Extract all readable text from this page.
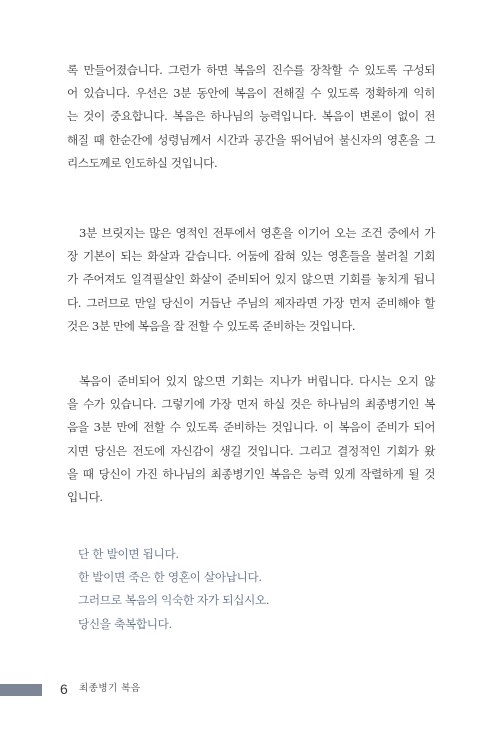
록 만들어졌습니다. 그런가 하면 복음의 진수를 장착할 수 있도록 구성되
어 있습니다. 우선은 3분 동안에 복음이 전해질 수 있도록 정확하게 익히
는 것이 중요합니다. 복음은 하나님의 능력입니다. 복음이 변론이 없이 전
해질 때 한순간에 성령님께서 시간과 공간을 뛰어넘어 불신자의 영혼을 그
리스도께로 인도하실 것입니다.
3분 브릿지는 많은 영적인 전투에서 영혼을 이기어 오는 조건 중에서 가
장 기본이 되는 화살과 같습니다. 어둠에 잡혀 있는 영혼들을 불러칠 기회
가 주어져도 일격필살인 화살이 준비되어 있지 않으면 기회를 놓치게 됩니
다. 그러므로 만일 당신이 거듭난 주님의 제자라면 가장 먼저 준비해야 할
것은 3분 만에 복음을 잘 전할 수 있도록 준비하는 것입니다.
복음이 준비되어 있지 않으면 기회는 지나가 버립니다. 다시는 오지 않
을 수가 있습니다. 그렇기에 가장 먼저 하실 것은 하나님의 최종병기인 복
음을 3분 만에 전할 수 있도록 준비하는 것입니다. 이 복음이 준비가 되어
지면 당신은 전도에 자신감이 생길 것입니다. 그리고 결정적인 기회가 왔
을 때 당신이 가진 하나님의 최종병기인 복음은 능력 있게 작렬하게 될 것
입니다.
단 한 발이면 됩니다.
한 발이면 죽은 한 영혼이 살아납니다.
그러므로 복음의 익숙한 자가 되십시오.
당신을 축복합니다.
6 최종병기 복음
